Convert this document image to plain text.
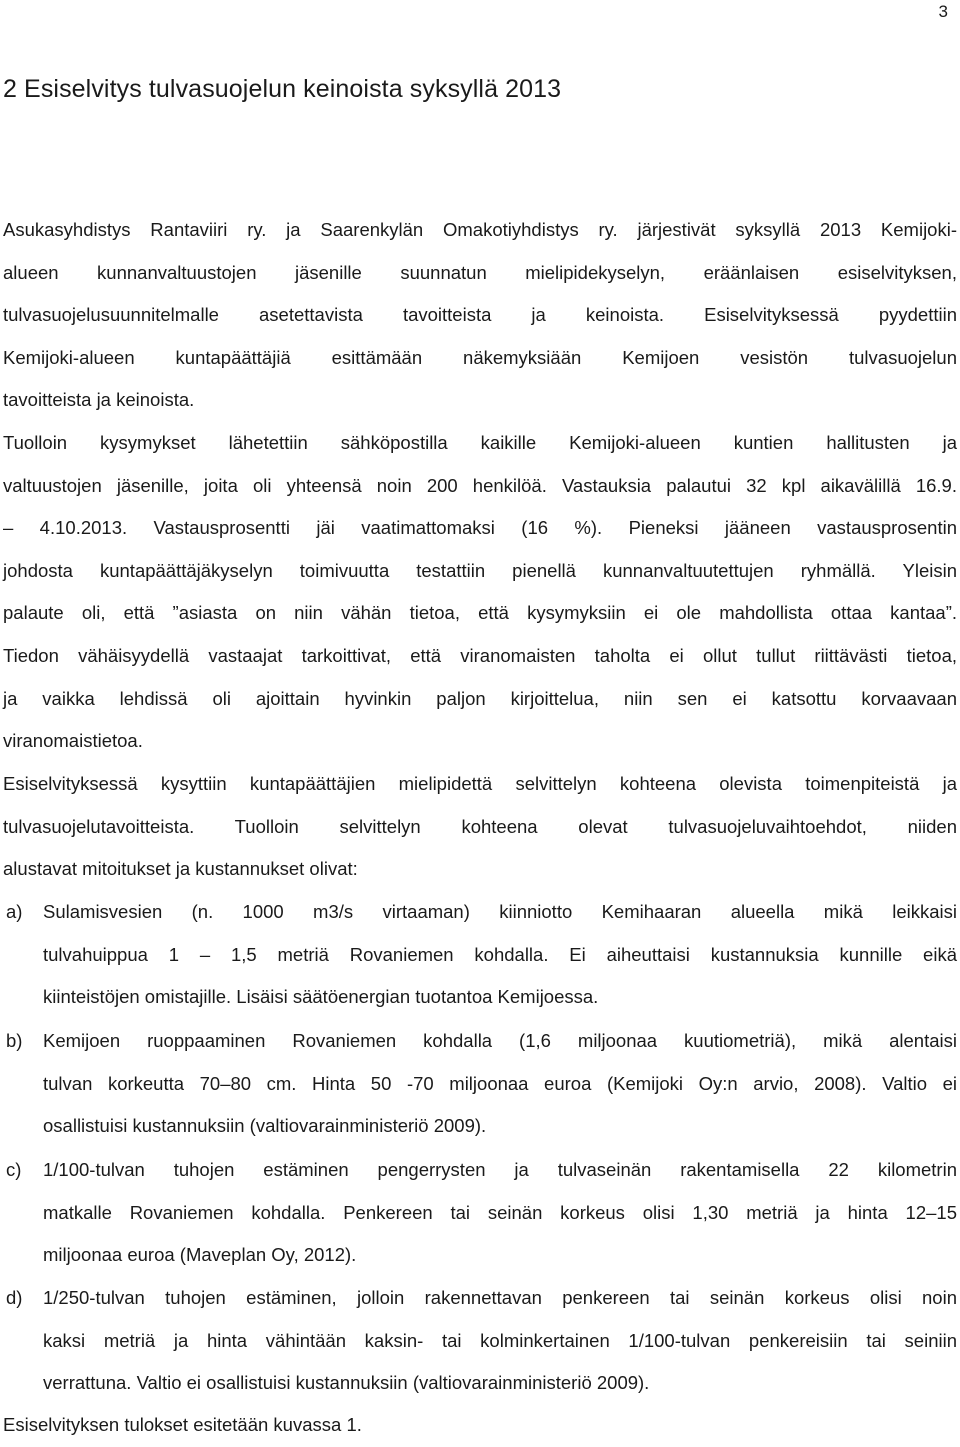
3
2 Esiselvitys tulvasuojelun keinoista syksyllä 2013
Asukasyhdistys Rantaviiri ry. ja Saarenkylän Omakotiyhdistys ry. järjestivät syksyllä 2013 Kemijoki-
alueen kunnanvaltuustojen jäsenille suunnatun mielipidekyselyn, eräänlaisen esiselvityksen,
tulvasuojelusuunnitelmalle asetettavista tavoitteista ja keinoista. Esiselvityksessä pyydettiin
Kemijoki-alueen kuntapäättäjiä esittämään näkemyksiään Kemijoen vesistön tulvasuojelun
tavoitteista ja keinoista.
Tuolloin kysymykset lähetettiin sähköpostilla kaikille Kemijoki-alueen kuntien hallitusten ja
valtuustojen jäsenille, joita oli yhteensä noin 200 henkilöä. Vastauksia palautui 32 kpl aikavälillä 16.9.
– 4.10.2013. Vastausprosentti jäi vaatimattomaksi (16 %). Pieneksi jääneen vastausprosentin
johdosta kuntapäättäjäkyselyn toimivuutta testattiin pienellä kunnanvaltuutettujen ryhmällä. Yleisin
palaute oli, että ”asiasta on niin vähän tietoa, että kysymyksiin ei ole mahdollista ottaa kantaa”.
Tiedon vähäisyydellä vastaajat tarkoittivat, että viranomaisten taholta ei ollut tullut riittävästi tietoa,
ja vaikka lehdissä oli ajoittain hyvinkin paljon kirjoittelua, niin sen ei katsottu korvaavaan
viranomaistietoa.
Esiselvityksessä kysyttiin kuntapäättäjien mielipidettä selvittelyn kohteena olevista toimenpiteistä ja
tulvasuojelutavoitteista. Tuolloin selvittelyn kohteena olevat tulvasuojeluvaihtoehdot, niiden
alustavat mitoitukset ja kustannukset olivat:
a) Sulamisvesien (n. 1000 m3/s virtaaman) kiinniotto Kemihaaran alueella mikä leikkaisi
tulvahuippua 1 – 1,5 metriä Rovaniemen kohdalla. Ei aiheuttaisi kustannuksia kunnille eikä
kiinteistöjen omistajille. Lisäisi säätöenergian tuotantoa Kemijoessa.
b) Kemijoen ruoppaaminen Rovaniemen kohdalla (1,6 miljoonaa kuutiometriä), mikä alentaisi
tulvan korkeutta 70–80 cm. Hinta 50 -70 miljoonaa euroa (Kemijoki Oy:n arvio, 2008). Valtio ei
osallistuisi kustannuksiin (valtiovarainministeriö 2009).
c) 1/100-tulvan tuhojen estäminen pengerrysten ja tulvaseinän rakentamisella 22 kilometrin
matkalle Rovaniemen kohdalla. Penkereen tai seinän korkeus olisi 1,30 metriä ja hinta 12–15
miljoonaa euroa (Maveplan Oy, 2012).
d) 1/250-tulvan tuhojen estäminen, jolloin rakennettavan penkereen tai seinän korkeus olisi noin
kaksi metriä ja hinta vähintään kaksin- tai kolminkertainen 1/100-tulvan penkereisiin tai seiniin
verrattuna. Valtio ei osallistuisi kustannuksiin (valtiovarainministeriö 2009).
Esiselvityksen tulokset esitetään kuvassa 1.
